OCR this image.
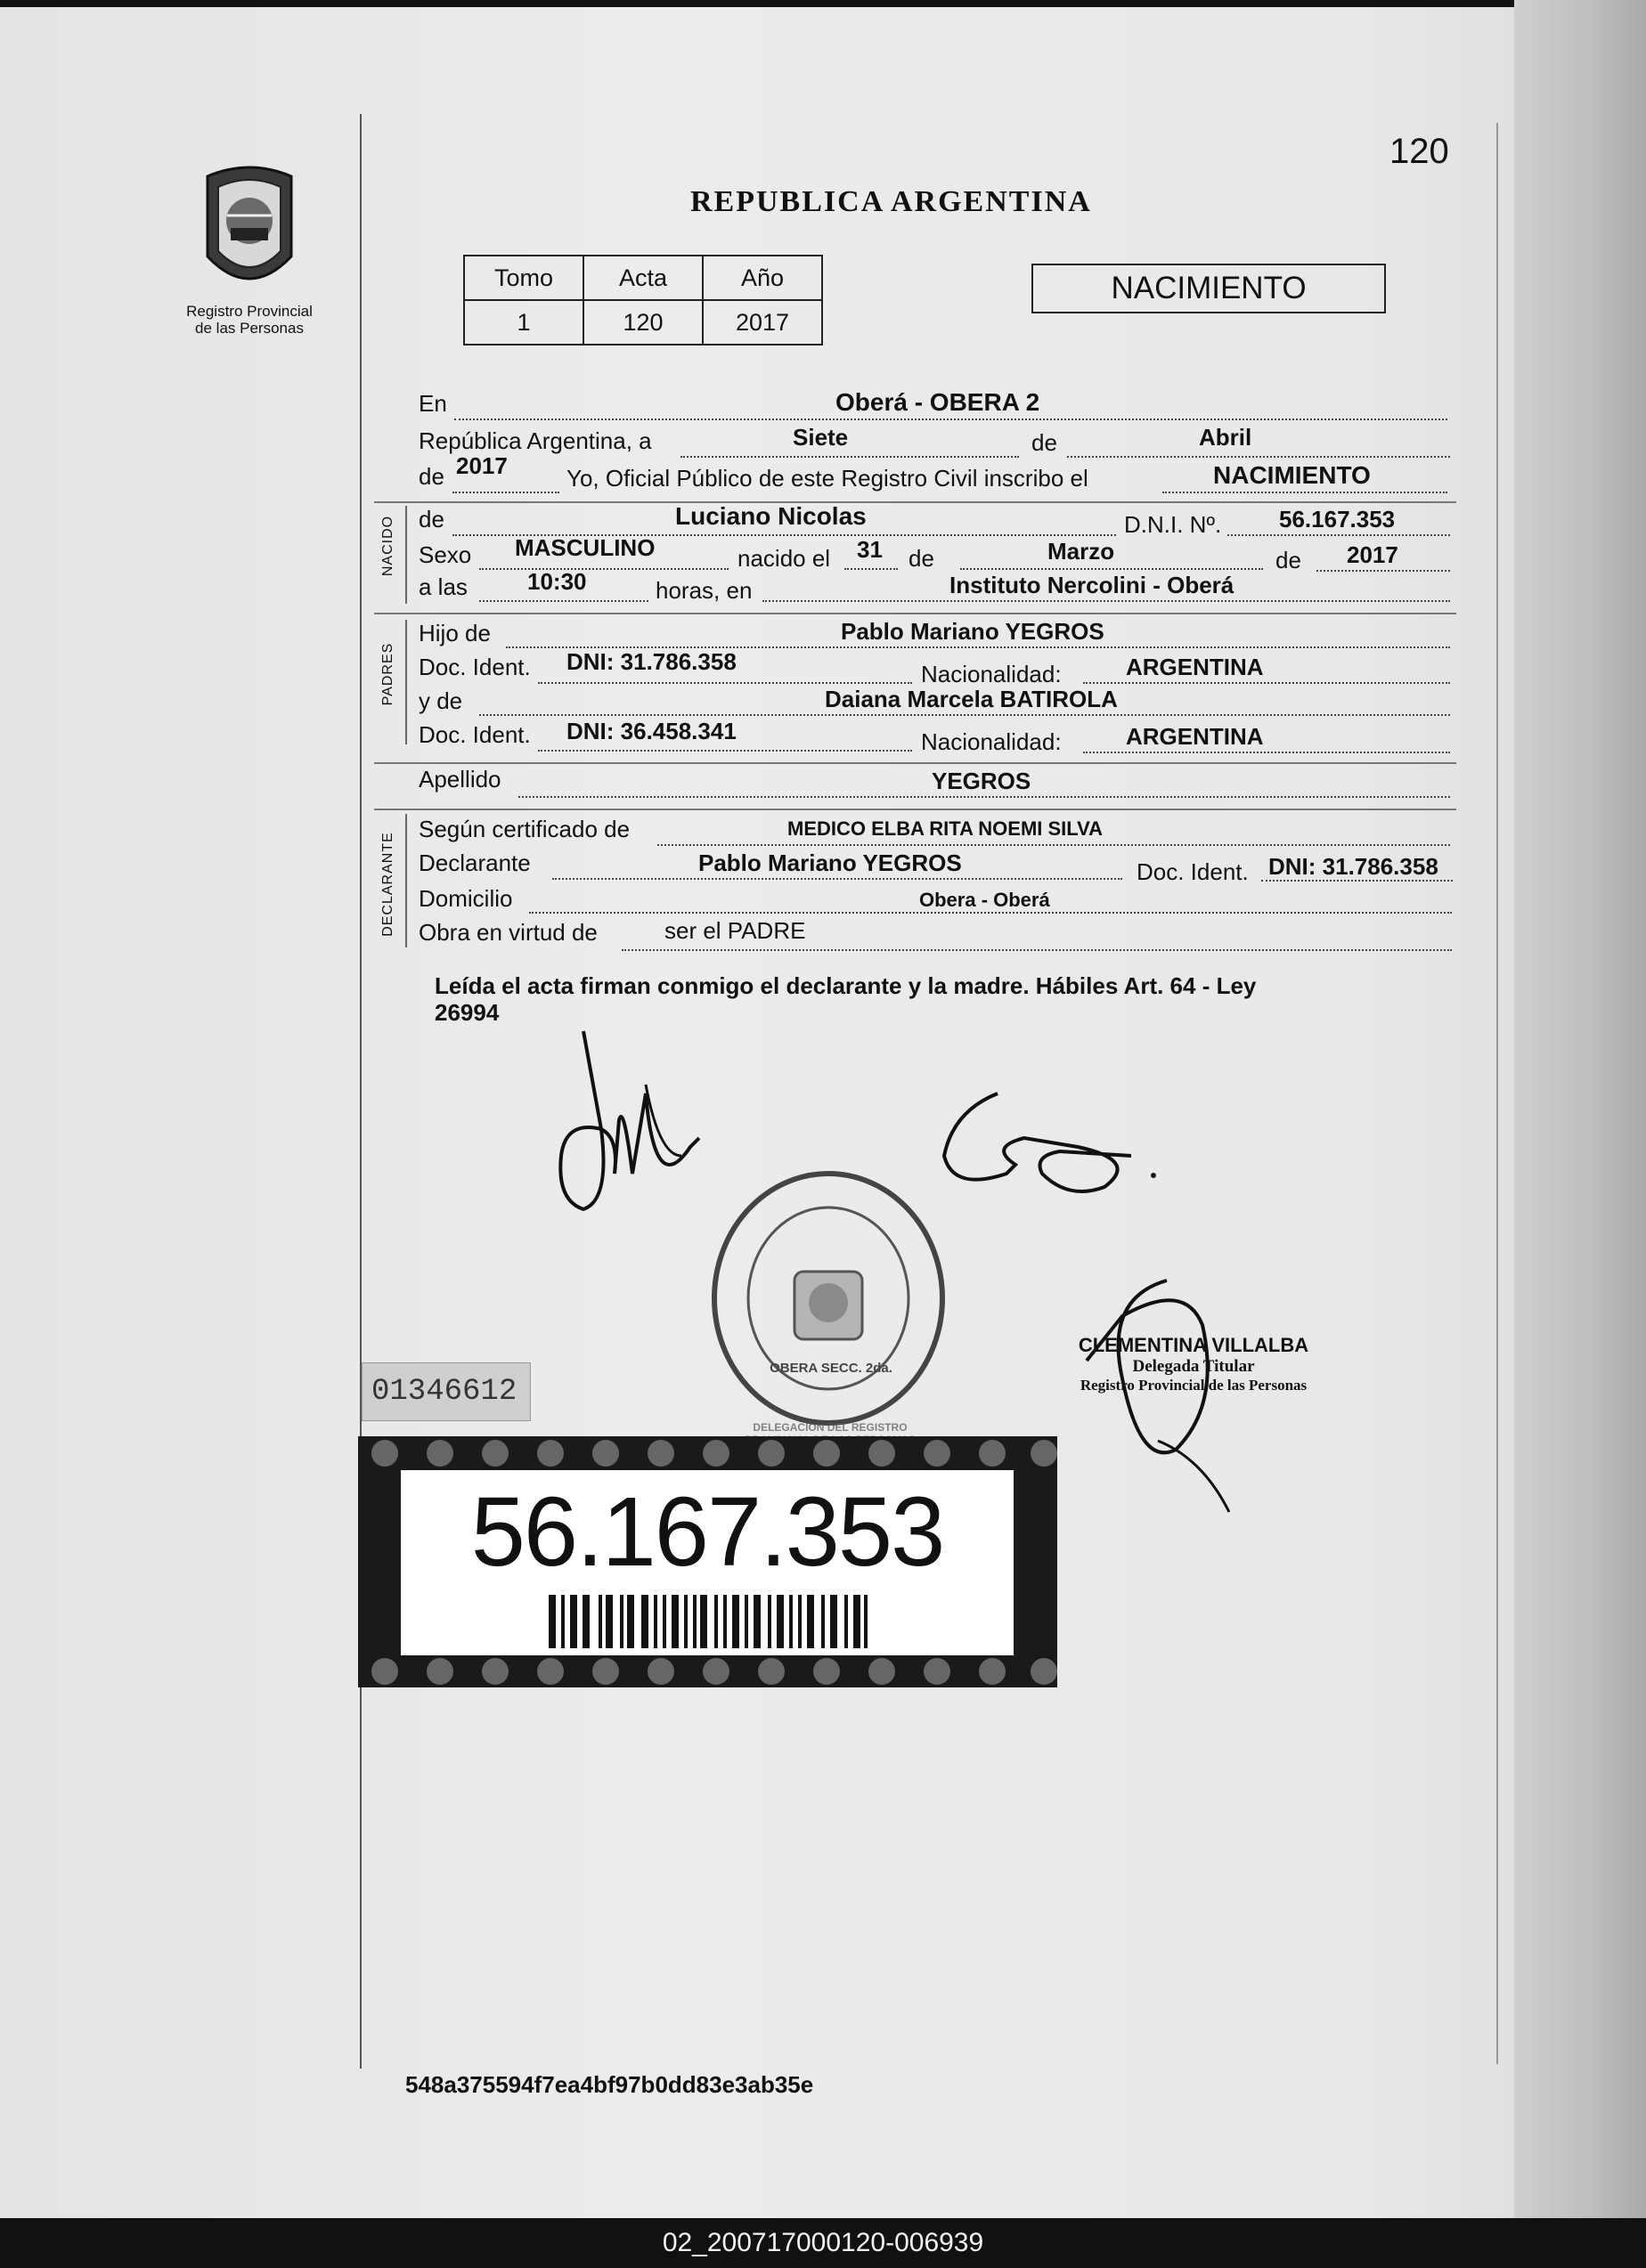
Registro Provincial
de las Personas
120
REPUBLICA ARGENTINA
Tomo	Acta	Año
1	120	2017
NACIMIENTO
En	Oberá - OBERA 2
República Argentina, a	Siete	de	Abril
de 2017	Yo, Oficial Público de este Registro Civil inscribo el	NACIMIENTO
NACIDO de	Luciano Nicolas	D.N.I. Nº. 56.167.353
Sexo MASCULINO	nacido el 31 de	Marzo	de 2017
a las	10:30	horas, en	Instituto Nercolini - Oberá
PADRES
Hijo de	Pablo Mariano YEGROS
Doc. Ident. DNI: 31.786.358	Nacionalidad:	ARGENTINA
y de	Daiana Marcela BATIROLA
Doc. Ident. DNI: 36.458.341	Nacionalidad:	ARGENTINA
Apellido	YEGROS
DECLARANTE
Según certificado de	MEDICO ELBA RITA NOEMI SILVA
Declarante	Pablo Mariano YEGROS	Doc. Ident. DNI: 31.786.358
Domicilio	Obera - Oberá
Obra en virtud de	ser el PADRE
Leída el acta firman conmigo el declarante y la madre. Hábiles Art. 64 - Ley
26994
DELEGACION DEL REGISTRO
OBERA SECC. 2da.
CLEMENTINA VILLALBA
Delegada Titular
Registro Provincial de las Personas
01346612
56.167.353
548a375594f7ea4bf97b0dd83e3ab35e
02_200717000120-006939
